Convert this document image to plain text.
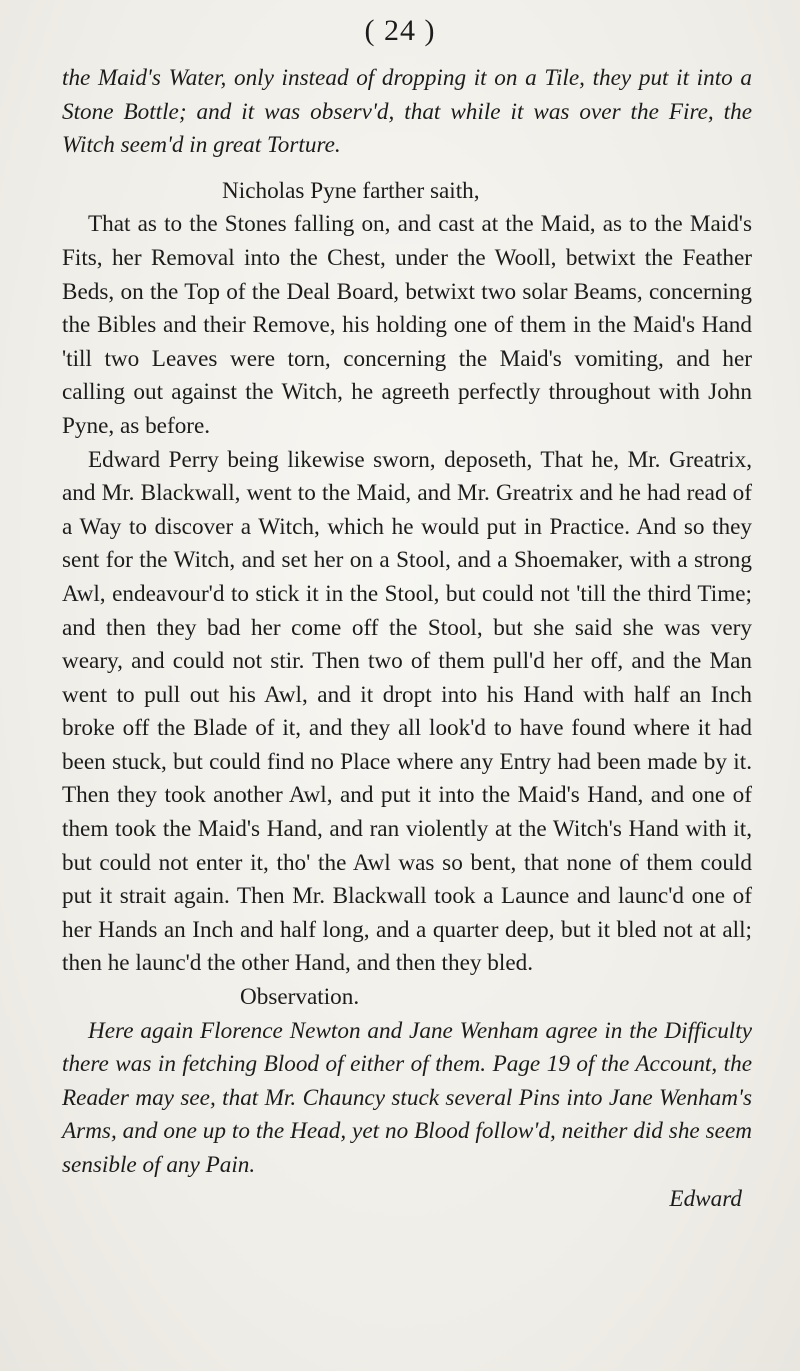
( 24 )

the Maid's Water, only instead of dropping it on a Tile, they put it into a Stone Bottle; and it was observ'd, that while it was over the Fire, the Witch seem'd in great Torture.

Nicholas Pyne farther saith,

That as to the Stones falling on, and cast at the Maid, as to the Maid's Fits, her Removal into the Chest, under the Wooll, betwixt the Feather Beds, on the Top of the Deal Board, betwixt two solar Beams, concerning the Bibles and their Remove, his holding one of them in the Maid's Hand 'till two Leaves were torn, concerning the Maid's vomiting, and her calling out against the Witch, he agreeth perfectly throughout with John Pyne, as before.

Edward Perry being likewise sworn, deposeth, That he, Mr. Greatrix, and Mr. Blackwall, went to the Maid, and Mr. Greatrix and he had read of a Way to discover a Witch, which he would put in Practice. And so they sent for the Witch, and set her on a Stool, and a Shoemaker, with a strong Awl, endeavour'd to stick it in the Stool, but could not 'till the third Time; and then they bad her come off the Stool, but she said she was very weary, and could not stir. Then two of them pull'd her off, and the Man went to pull out his Awl, and it dropt into his Hand with half an Inch broke off the Blade of it, and they all look'd to have found where it had been stuck, but could find no Place where any Entry had been made by it. Then they took another Awl, and put it into the Maid's Hand, and one of them took the Maid's Hand, and ran violently at the Witch's Hand with it, but could not enter it, tho' the Awl was so bent, that none of them could put it strait again. Then Mr. Blackwall took a Launce and launc'd one of her Hands an Inch and half long, and a quarter deep, but it bled not at all; then he launc'd the other Hand, and then they bled.

Observation.

Here again Florence Newton and Jane Wenham agree in the Difficulty there was in fetching Blood of either of them. Page 19 of the Account, the Reader may see, that Mr. Chauncy stuck several Pins into Jane Wenham's Arms, and one up to the Head, yet no Blood follow'd, neither did she seem sensible of any Pain.

Edward
